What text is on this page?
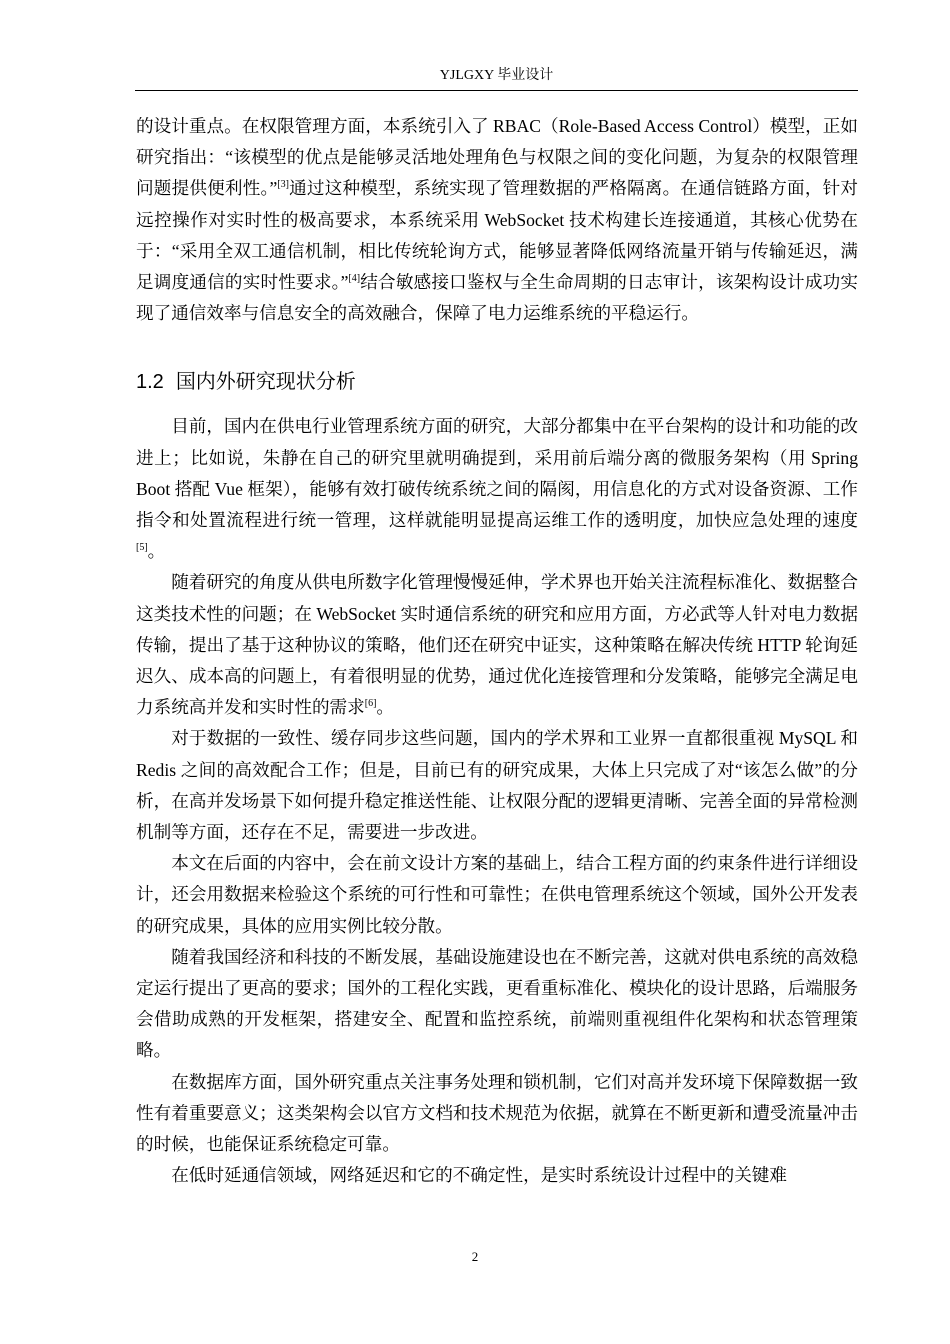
YJLGXY 毕业设计

的设计重点。在权限管理方面，本系统引入了 RBAC（Role-Based Access Control）模型，正如研究指出：“该模型的优点是能够灵活地处理角色与权限之间的变化问题，为复杂的权限管理问题提供便利性。”[3]通过这种模型，系统实现了管理数据的严格隔离。在通信链路方面，针对远控操作对实时性的极高要求，本系统采用 WebSocket 技术构建长连接通道，其核心优势在于：“采用全双工通信机制，相比传统轮询方式，能够显著降低网络流量开销与传输延迟，满足调度通信的实时性要求。”[4]结合敏感接口鉴权与全生命周期的日志审计，该架构设计成功实现了通信效率与信息安全的高效融合，保障了电力运维系统的平稳运行。

1.2 国内外研究现状分析

目前，国内在供电行业管理系统方面的研究，大部分都集中在平台架构的设计和功能的改进上；比如说，朱静在自己的研究里就明确提到，采用前后端分离的微服务架构（用 Spring Boot 搭配 Vue 框架），能够有效打破传统系统之间的隔阂，用信息化的方式对设备资源、工作指令和处置流程进行统一管理，这样就能明显提高运维工作的透明度，加快应急处理的速度[5]。

随着研究的角度从供电所数字化管理慢慢延伸，学术界也开始关注流程标准化、数据整合这类技术性的问题；在 WebSocket 实时通信系统的研究和应用方面，方必武等人针对电力数据传输，提出了基于这种协议的策略，他们还在研究中证实，这种策略在解决传统 HTTP 轮询延迟久、成本高的问题上，有着很明显的优势，通过优化连接管理和分发策略，能够完全满足电力系统高并发和实时性的需求[6]。

对于数据的一致性、缓存同步这些问题，国内的学术界和工业界一直都很重视 MySQL 和 Redis 之间的高效配合工作；但是，目前已有的研究成果，大体上只完成了对“该怎么做”的分析，在高并发场景下如何提升稳定推送性能、让权限分配的逻辑更清晰、完善全面的异常检测机制等方面，还存在不足，需要进一步改进。

本文在后面的内容中，会在前文设计方案的基础上，结合工程方面的约束条件进行详细设计，还会用数据来检验这个系统的可行性和可靠性；在供电管理系统这个领域，国外公开发表的研究成果，具体的应用实例比较分散。

随着我国经济和科技的不断发展，基础设施建设也在不断完善，这就对供电系统的高效稳定运行提出了更高的要求；国外的工程化实践，更看重标准化、模块化的设计思路，后端服务会借助成熟的开发框架，搭建安全、配置和监控系统，前端则重视组件化架构和状态管理策略。

在数据库方面，国外研究重点关注事务处理和锁机制，它们对高并发环境下保障数据一致性有着重要意义；这类架构会以官方文档和技术规范为依据，就算在不断更新和遭受流量冲击的时候，也能保证系统稳定可靠。

在低时延通信领域，网络延迟和它的不确定性，是实时系统设计过程中的关键难

2
